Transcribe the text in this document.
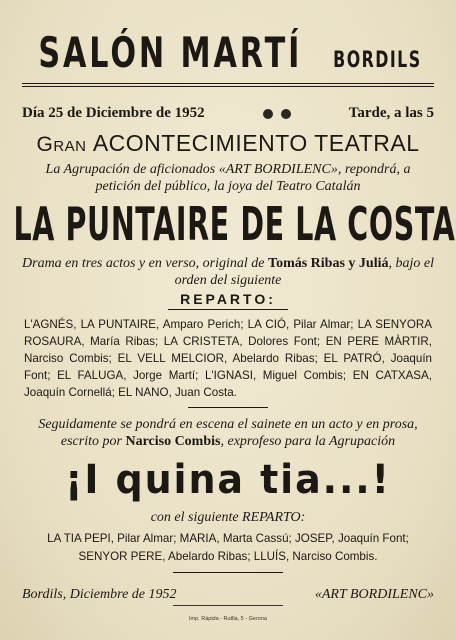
SALÓN MARTÍ BORDILS
Día 25 de Diciembre de 1952	Tarde, a las 5
Gran ACONTECIMIENTO TEATRAL
La Agrupación de aficionados «ART BORDILENC», repondrá, a petición del público, la joya del Teatro Catalán
LA PUNTAIRE DE LA COSTA
Drama en tres actos y en verso, original de Tomás Ribas y Juliá, bajo el orden del siguiente
REPARTO:
L'AGNÉS, LA PUNTAIRE, Amparo Perich; LA CIÓ, Pilar Almar; LA SENYORA ROSAURA, María Ribas; LA CRISTETA, Dolores Font; EN PERE MÀRTIR, Narciso Combis; EL VELL MELCIOR, Abelardo Ribas; EL PATRÓ, Joaquín Font; EL FALUGA, Jorge Martí; L'IGNASI, Miguel Combis; EN CATXASA, Joaquín Cornellá; EL NANO, Juan Costa.
Seguidamente se pondrá en escena el sainete en un acto y en prosa, escrito por Narciso Combis, exprofeso para la Agrupación
¡I quina tia...!
con el siguiente REPARTO:
LA TIA PEPI, Pilar Almar; MARIA, Marta Cassú; JOSEP, Joaquín Font; SENYOR PERE, Abelardo Ribas; LLUÍS, Narciso Combis.
Bordils, Diciembre de 1952	«ART BORDILENC»
Imp. Rápida - Rutlla, 5 - Gerona
